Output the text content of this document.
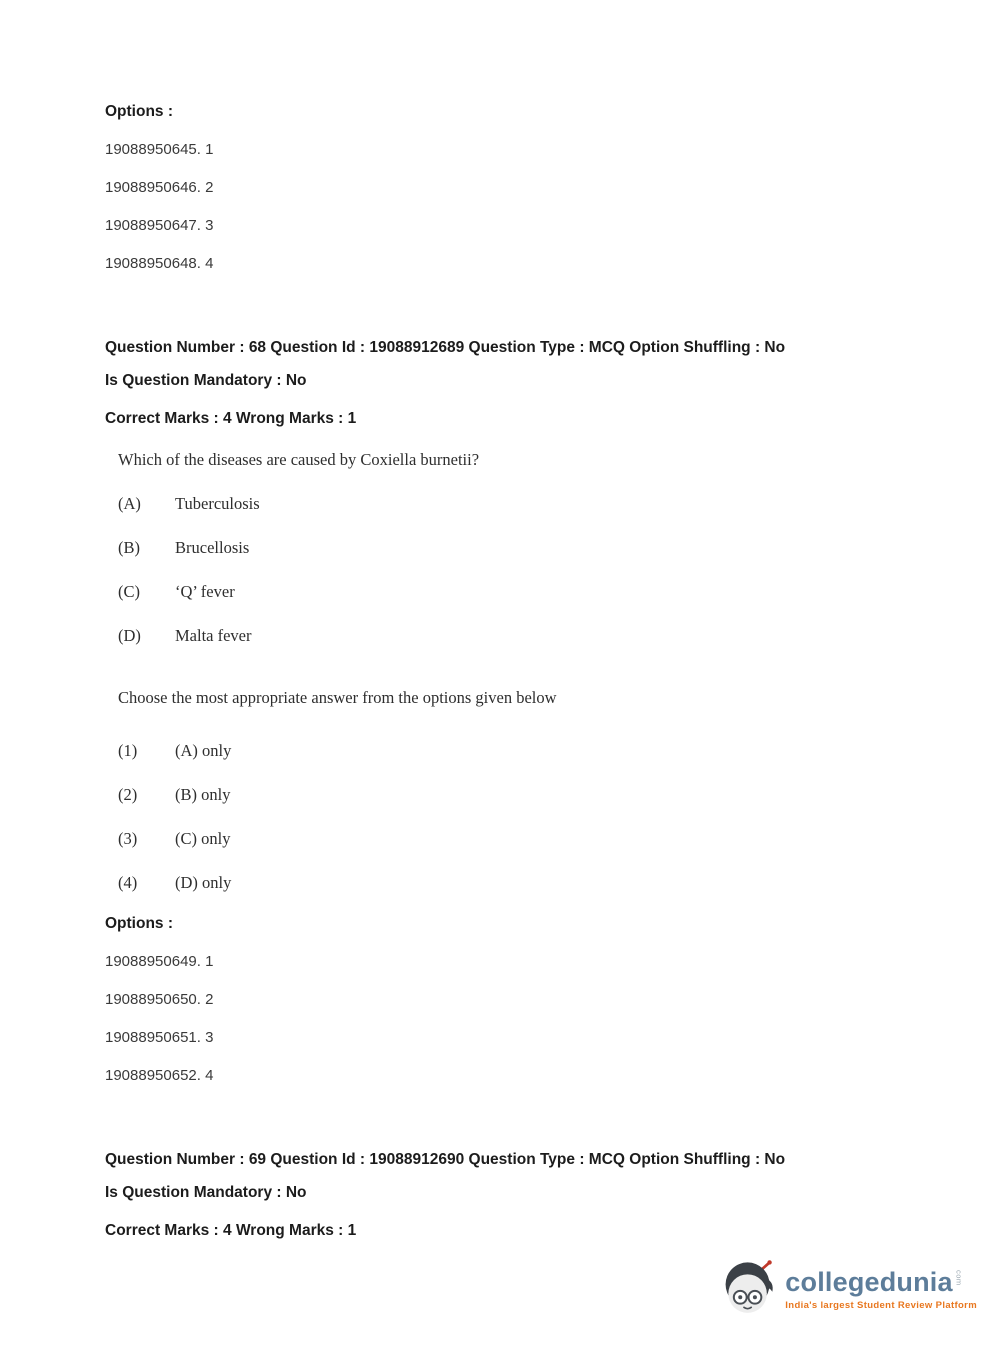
Options :
19088950645. 1
19088950646. 2
19088950647. 3
19088950648. 4
Question Number : 68 Question Id : 19088912689 Question Type : MCQ Option Shuffling : No
Is Question Mandatory : No
Correct Marks : 4 Wrong Marks : 1
Which of the diseases are caused by Coxiella burnetii?
(A)	Tuberculosis
(B)	Brucellosis
(C)	‘Q’ fever
(D)	Malta fever
Choose the most appropriate answer from the options given below
(1)	(A) only
(2)	(B) only
(3)	(C) only
(4)	(D) only
Options :
19088950649. 1
19088950650. 2
19088950651. 3
19088950652. 4
Question Number : 69 Question Id : 19088912690 Question Type : MCQ Option Shuffling : No
Is Question Mandatory : No
Correct Marks : 4 Wrong Marks : 1
collegedunia com
India's largest Student Review Platform
